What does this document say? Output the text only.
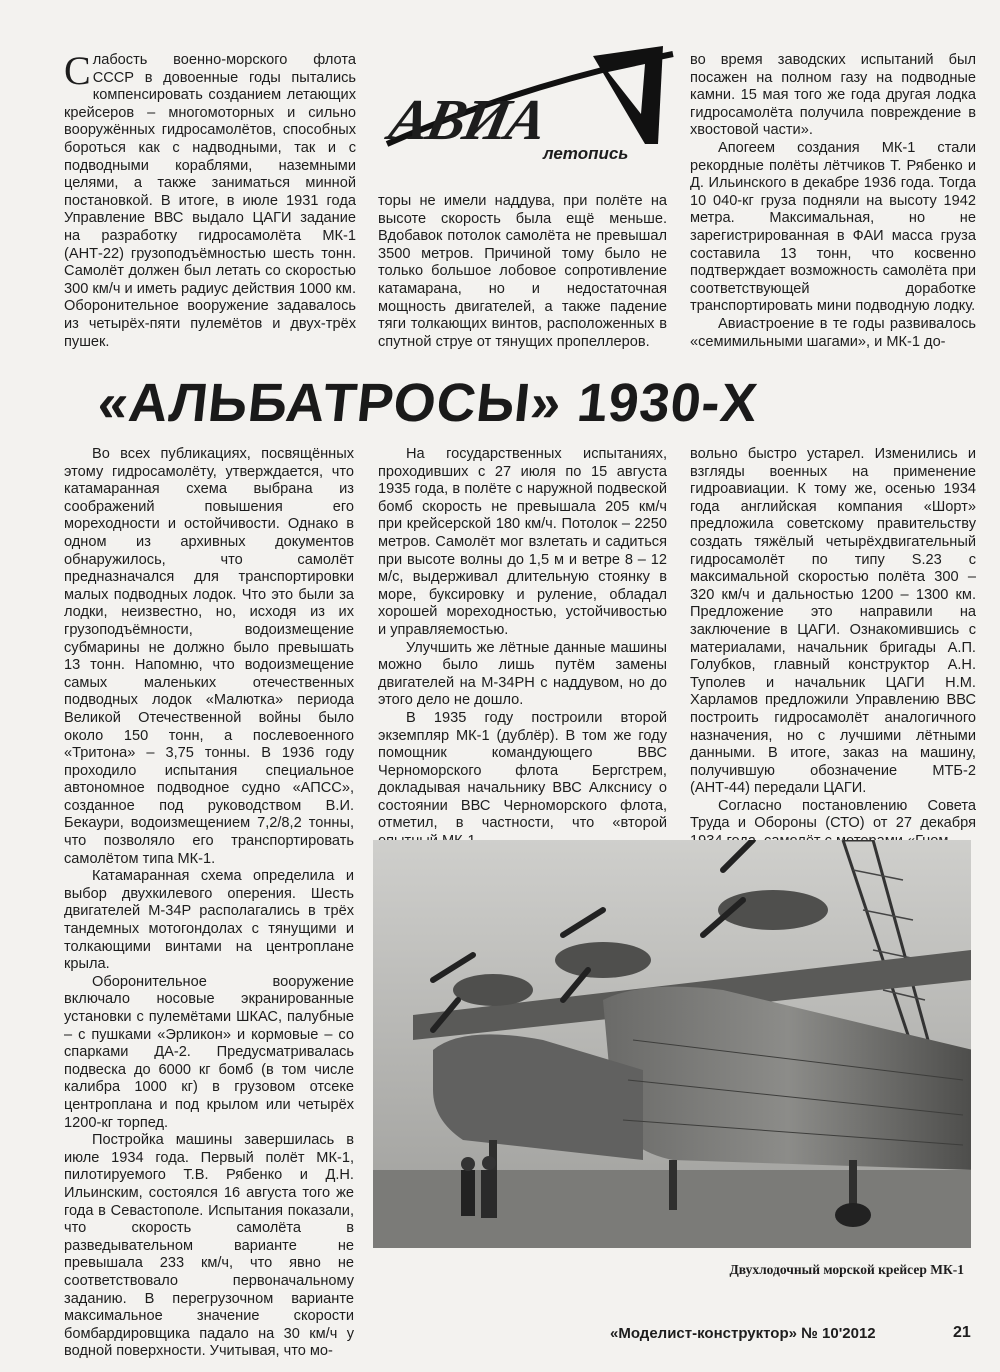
АВИА
летопись

Слабость военно-морского флота СССР в довоенные годы пытались компенсировать созданием летающих крейсеров – многомоторных и сильно вооружённых гидросамолётов, способных бороться как с надводными, так и с подводными кораблями, наземными целями, а также заниматься минной постановкой. В итоге, в июле 1931 года Управление ВВС выдало ЦАГИ задание на разработку гидросамолёта МК-1 (АНТ-22) грузоподъёмностью шесть тонн. Самолёт должен был летать со скоростью 300 км/ч и иметь радиус действия 1000 км. Оборонительное вооружение задавалось из четырёх-пяти пулемётов и двух-трёх пушек.

торы не имели наддува, при полёте на высоте скорость была ещё меньше. Вдобавок потолок самолёта не превышал 3500 метров. Причиной тому было не только большое лобовое сопротивление катамарана, но и недостаточная мощность двигателей, а также падение тяги толкающих винтов, расположенных в спутной струе от тянущих пропеллеров.

во время заводских испытаний был посажен на полном газу на подводные камни. 15 мая того же года другая лодка гидросамолёта получила повреждение в хвостовой части».

Апогеем создания МК-1 стали рекордные полёты лётчиков Т. Рябенко и Д. Ильинского в декабре 1936 года. Тогда 10 040-кг груза подняли на высоту 1942 метра. Максимальная, но не зарегистрированная в ФАИ масса груза составила 13 тонн, что косвенно подтверждает возможность самолёта при соответствующей доработке транспортировать мини подводную лодку.

Авиастроение в те годы развивалось «семимильными шагами», и МК-1 до-

«АЛЬБАТРОСЫ» 1930-Х

Во всех публикациях, посвящённых этому гидросамолёту, утверждается, что катамаранная схема выбрана из соображений повышения его мореходности и остойчивости. Однако в одном из архивных документов обнаружилось, что самолёт предназначался для транспортировки малых подводных лодок. Что это были за лодки, неизвестно, но, исходя из их грузоподъёмности, водоизмещение субмарины не должно было превышать 13 тонн. Напомню, что водоизмещение самых маленьких отечественных подводных лодок «Малютка» периода Великой Отечественной войны было около 150 тонн, а послевоенного «Тритона» – 3,75 тонны. В 1936 году проходило испытания специальное автономное подводное судно «АПСС», созданное под руководством В.И. Бекаури, водоизмещением 7,2/8,2 тонны, что позволяло его транспортировать самолётом типа МК-1.

Катамаранная схема определила и выбор двухкилевого оперения. Шесть двигателей М-34Р располагались в трёх тандемных мотогондолах с тянущими и толкающими винтами на центроплане крыла.

Оборонительное вооружение включало носовые экранированные установки с пулемётами ШКАС, палубные – с пушками «Эрликон» и кормовые – со спарками ДА-2. Предусматривалась подвеска до 6000 кг бомб (в том числе калибра 1000 кг) в грузовом отсеке центроплана и под крылом или четырёх 1200-кг торпед.

Постройка машины завершилась в июле 1934 года. Первый полёт МК-1, пилотируемого Т.В. Рябенко и Д.Н. Ильинским, состоялся 16 августа того же года в Севастополе. Испытания показали, что скорость самолёта в разведывательном варианте не превышала 233 км/ч, что явно не соответствовало первоначальному заданию. В перегрузочном варианте максимальное значение скорости бомбардировщика падало на 30 км/ч у водной поверхности. Учитывая, что мо-

На государственных испытаниях, проходивших с 27 июля по 15 августа 1935 года, в полёте с наружной подвеской бомб скорость не превышала 205 км/ч при крейсерской 180 км/ч. Потолок – 2250 метров. Самолёт мог взлетать и садиться при высоте волны до 1,5 м и ветре 8 – 12 м/с, выдерживал длительную стоянку в море, буксировку и руление, обладал хорошей мореходностью, устойчивостью и управляемостью.

Улучшить же лётные данные машины можно было лишь путём замены двигателей на М-34РН с наддувом, но до этого дело не дошло.

В 1935 году построили второй экземпляр МК-1 (дублёр). В том же году помощник командующего ВВС Черноморского флота Бергстрем, докладывая начальнику ВВС Алкснису о состоянии ВВС Черноморского флота, отметил, в частности, что «второй

вольно быстро устарел. Изменились и взгляды военных на применение гидроавиации. К тому же, осенью 1934 года английская компания «Шорт» предложила советскому правительству создать тяжёлый четырёхдвигательный гидросамолёт по типу S.23 с максимальной скоростью полёта 300 – 320 км/ч и дальностью 1200 – 1300 км. Предложение это направили на заключение в ЦАГИ. Ознакомившись с материалами, начальник бригады А.П. Голубков, главный конструктор А.Н. Туполев и начальник ЦАГИ Н.М. Харламов предложили Управлению ВВС построить гидросамолёт аналогичного назначения, но с лучшими лётными данными. В итоге, заказ на машину, получившую обозначение МТБ-2 (АНТ-44) передали ЦАГИ.

Согласно постановлению Совета Труда и Обороны (СТО) от 27 декабря

Двухлодочный морской крейсер МК-1
«Моделист-конструктор» № 10'2012	21
